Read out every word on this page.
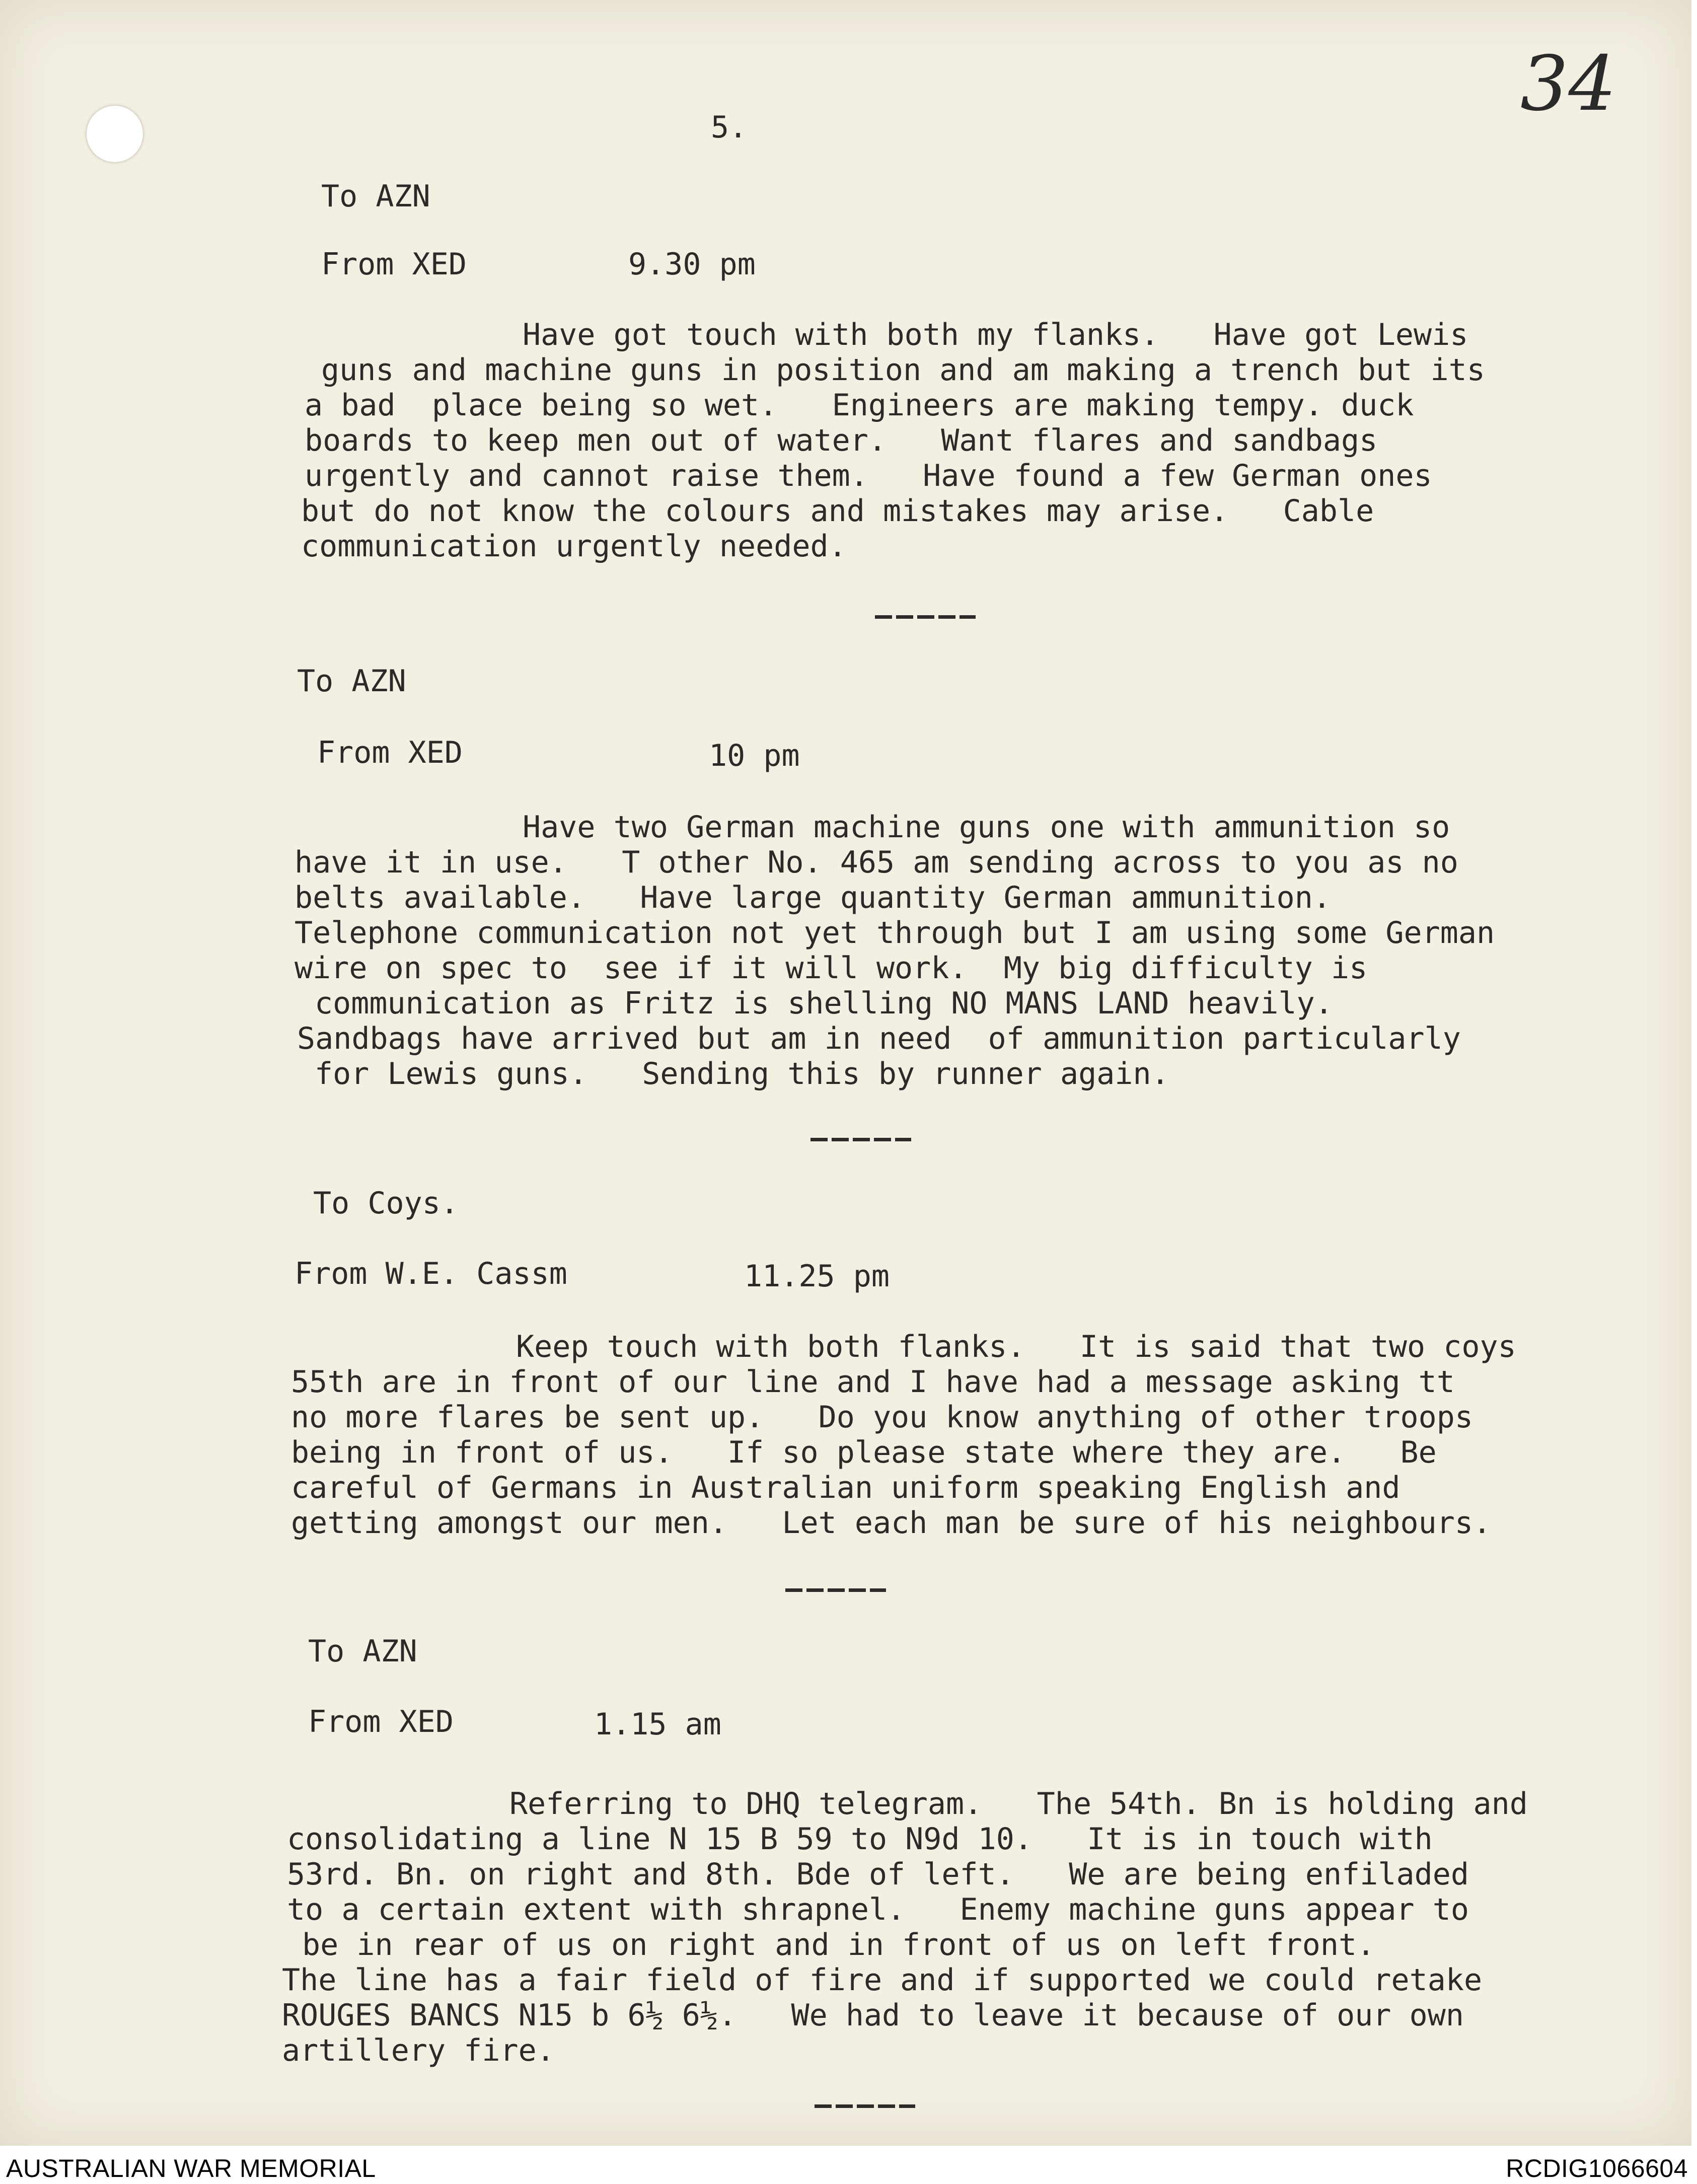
34
5.
To AZN
From XED	9.30 pm
Have got touch with both my flanks.   Have got Lewis
guns and machine guns in position and am making a trench but its
a bad  place being so wet.   Engineers are making tempy. duck
boards to keep men out of water.   Want flares and sandbags
urgently and cannot raise them.   Have found a few German ones
but do not know the colours and mistakes may arise.   Cable
communication urgently needed.
To AZN
From XED	10 pm
Have two German machine guns one with ammunition so
have it in use.   T other No. 465 am sending across to you as no
belts available.   Have large quantity German ammunition.
Telephone communication not yet through but I am using some German
wire on spec to  see if it will work.  My big difficulty is
communication as Fritz is shelling NO MANS LAND heavily.
Sandbags have arrived but am in need  of ammunition particularly
for Lewis guns.   Sending this by runner again.
To Coys.
From W.E. Cassm	11.25 pm
Keep touch with both flanks.   It is said that two coys
55th are in front of our line and I have had a message asking tt
no more flares be sent up.   Do you know anything of other troops
being in front of us.   If so please state where they are.   Be
careful of Germans in Australian uniform speaking English and
getting amongst our men.   Let each man be sure of his neighbours.
To AZN
From XED	1.15 am
Referring to DHQ telegram.   The 54th. Bn is holding and
consolidating a line N 15 B 59 to N9d 10.   It is in touch with
53rd. Bn. on right and 8th. Bde of left.   We are being enfiladed
to a certain extent with shrapnel.   Enemy machine guns appear to
be in rear of us on right and in front of us on left front.
The line has a fair field of fire and if supported we could retake
ROUGES BANCS N15 b 6½ 6½.   We had to leave it because of our own
artillery fire.
AUSTRALIAN WAR MEMORIAL	RCDIG1066604
